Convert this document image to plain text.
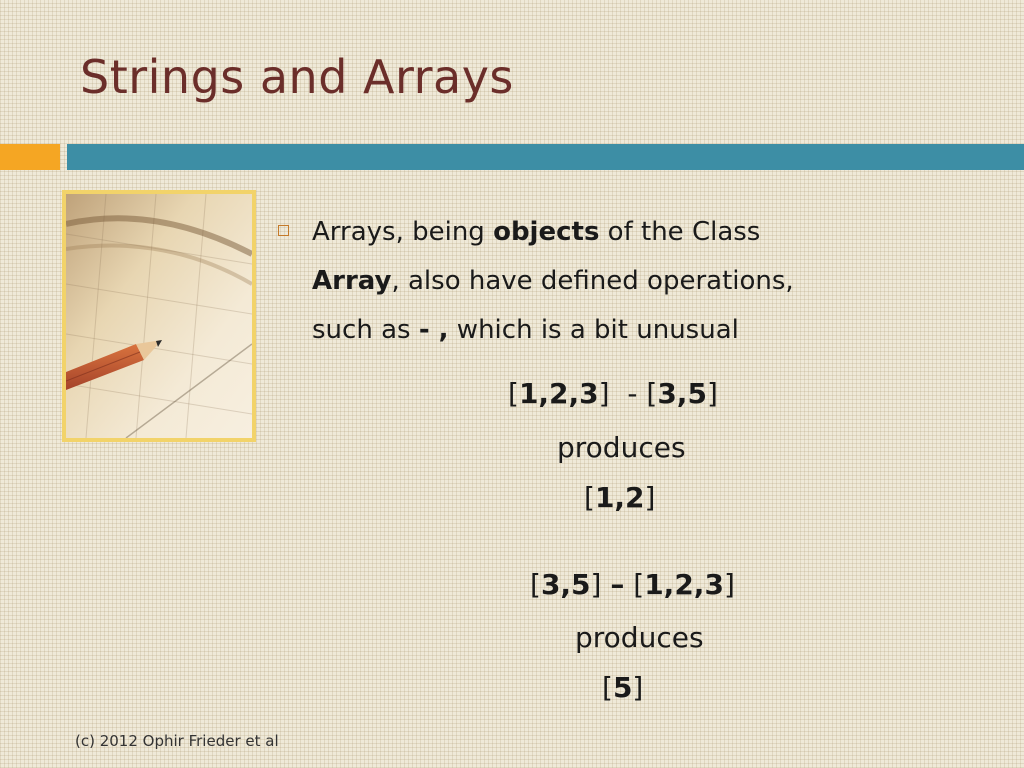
Strings and Arrays
Arrays, being objects of the Class
Array, also have defined operations,
such as - , which is a bit unusual
[1,2,3]  - [3,5]
produces
[1,2]
[3,5] – [1,2,3]
produces
[5]
(c) 2012 Ophir Frieder et al
